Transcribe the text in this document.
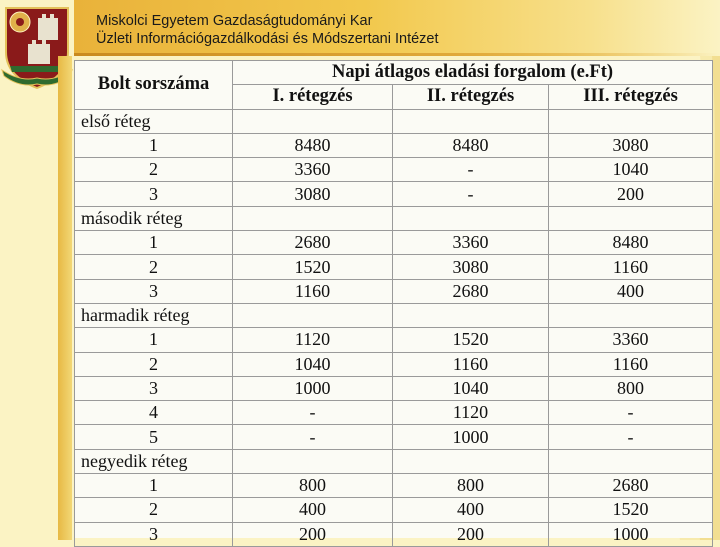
Miskolci Egyetem Gazdaságtudományi Kar
Üzleti Információgazdálkodási és Módszertani Intézet
Bolt sorszáma	Napi átlagos eladási forgalom (e.Ft)		
	I. rétegzés	II. rétegzés	III. rétegzés
első réteg			
1	8480	8480	3080
2	3360	-	1040
3	3080	-	200
második réteg			
1	2680	3360	8480
2	1520	3080	1160
3	1160	2680	400
harmadik réteg			
1	1120	1520	3360
2	1040	1160	1160
3	1000	1040	800
4	-	1120	-
5	-	1000	-
negyedik réteg			
1	800	800	2680
2	400	400	1520
3	200	200	1000
